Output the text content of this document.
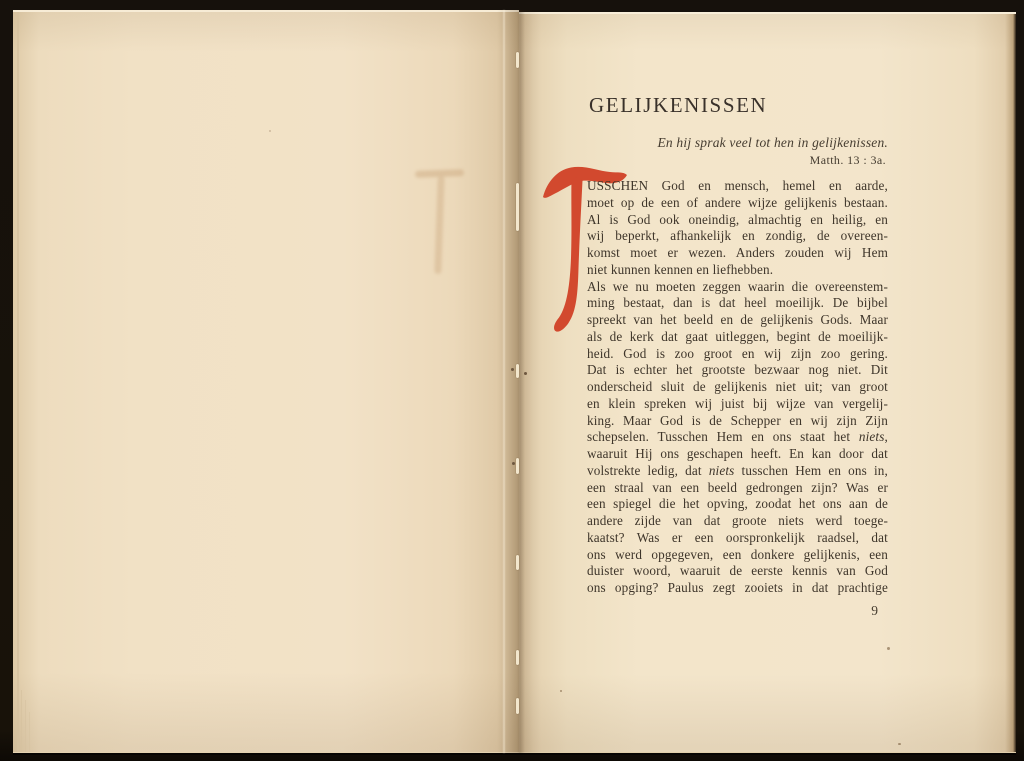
GELIJKENISSEN
En hij sprak veel tot hen in gelijkenissen.
Matth. 13 : 3a.
USSCHEN God en mensch, hemel en aarde,
moet op de een of andere wijze gelijkenis bestaan.
Al is God ook oneindig, almachtig en heilig, en
wij beperkt, afhankelijk en zondig, de overeen-
komst moet er wezen. Anders zouden wij Hem
niet kunnen kennen en liefhebben.
Als we nu moeten zeggen waarin die overeenstem-
ming bestaat, dan is dat heel moeilijk. De bijbel
spreekt van het beeld en de gelijkenis Gods. Maar
als de kerk dat gaat uitleggen, begint de moeilijk-
heid. God is zoo groot en wij zijn zoo gering.
Dat is echter het grootste bezwaar nog niet. Dit
onderscheid sluit de gelijkenis niet uit; van groot
en klein spreken wij juist bij wijze van vergelij-
king. Maar God is de Schepper en wij zijn Zijn
schepselen. Tusschen Hem en ons staat het niets,
waaruit Hij ons geschapen heeft. En kan door dat
volstrekte ledig, dat niets tusschen Hem en ons in,
een straal van een beeld gedrongen zijn? Was er
een spiegel die het opving, zoodat het ons aan de
andere zijde van dat groote niets werd toege-
kaatst? Was er een oorspronkelijk raadsel, dat
ons werd opgegeven, een donkere gelijkenis, een
duister woord, waaruit de eerste kennis van God
ons opging? Paulus zegt zooiets in dat prachtige
9
